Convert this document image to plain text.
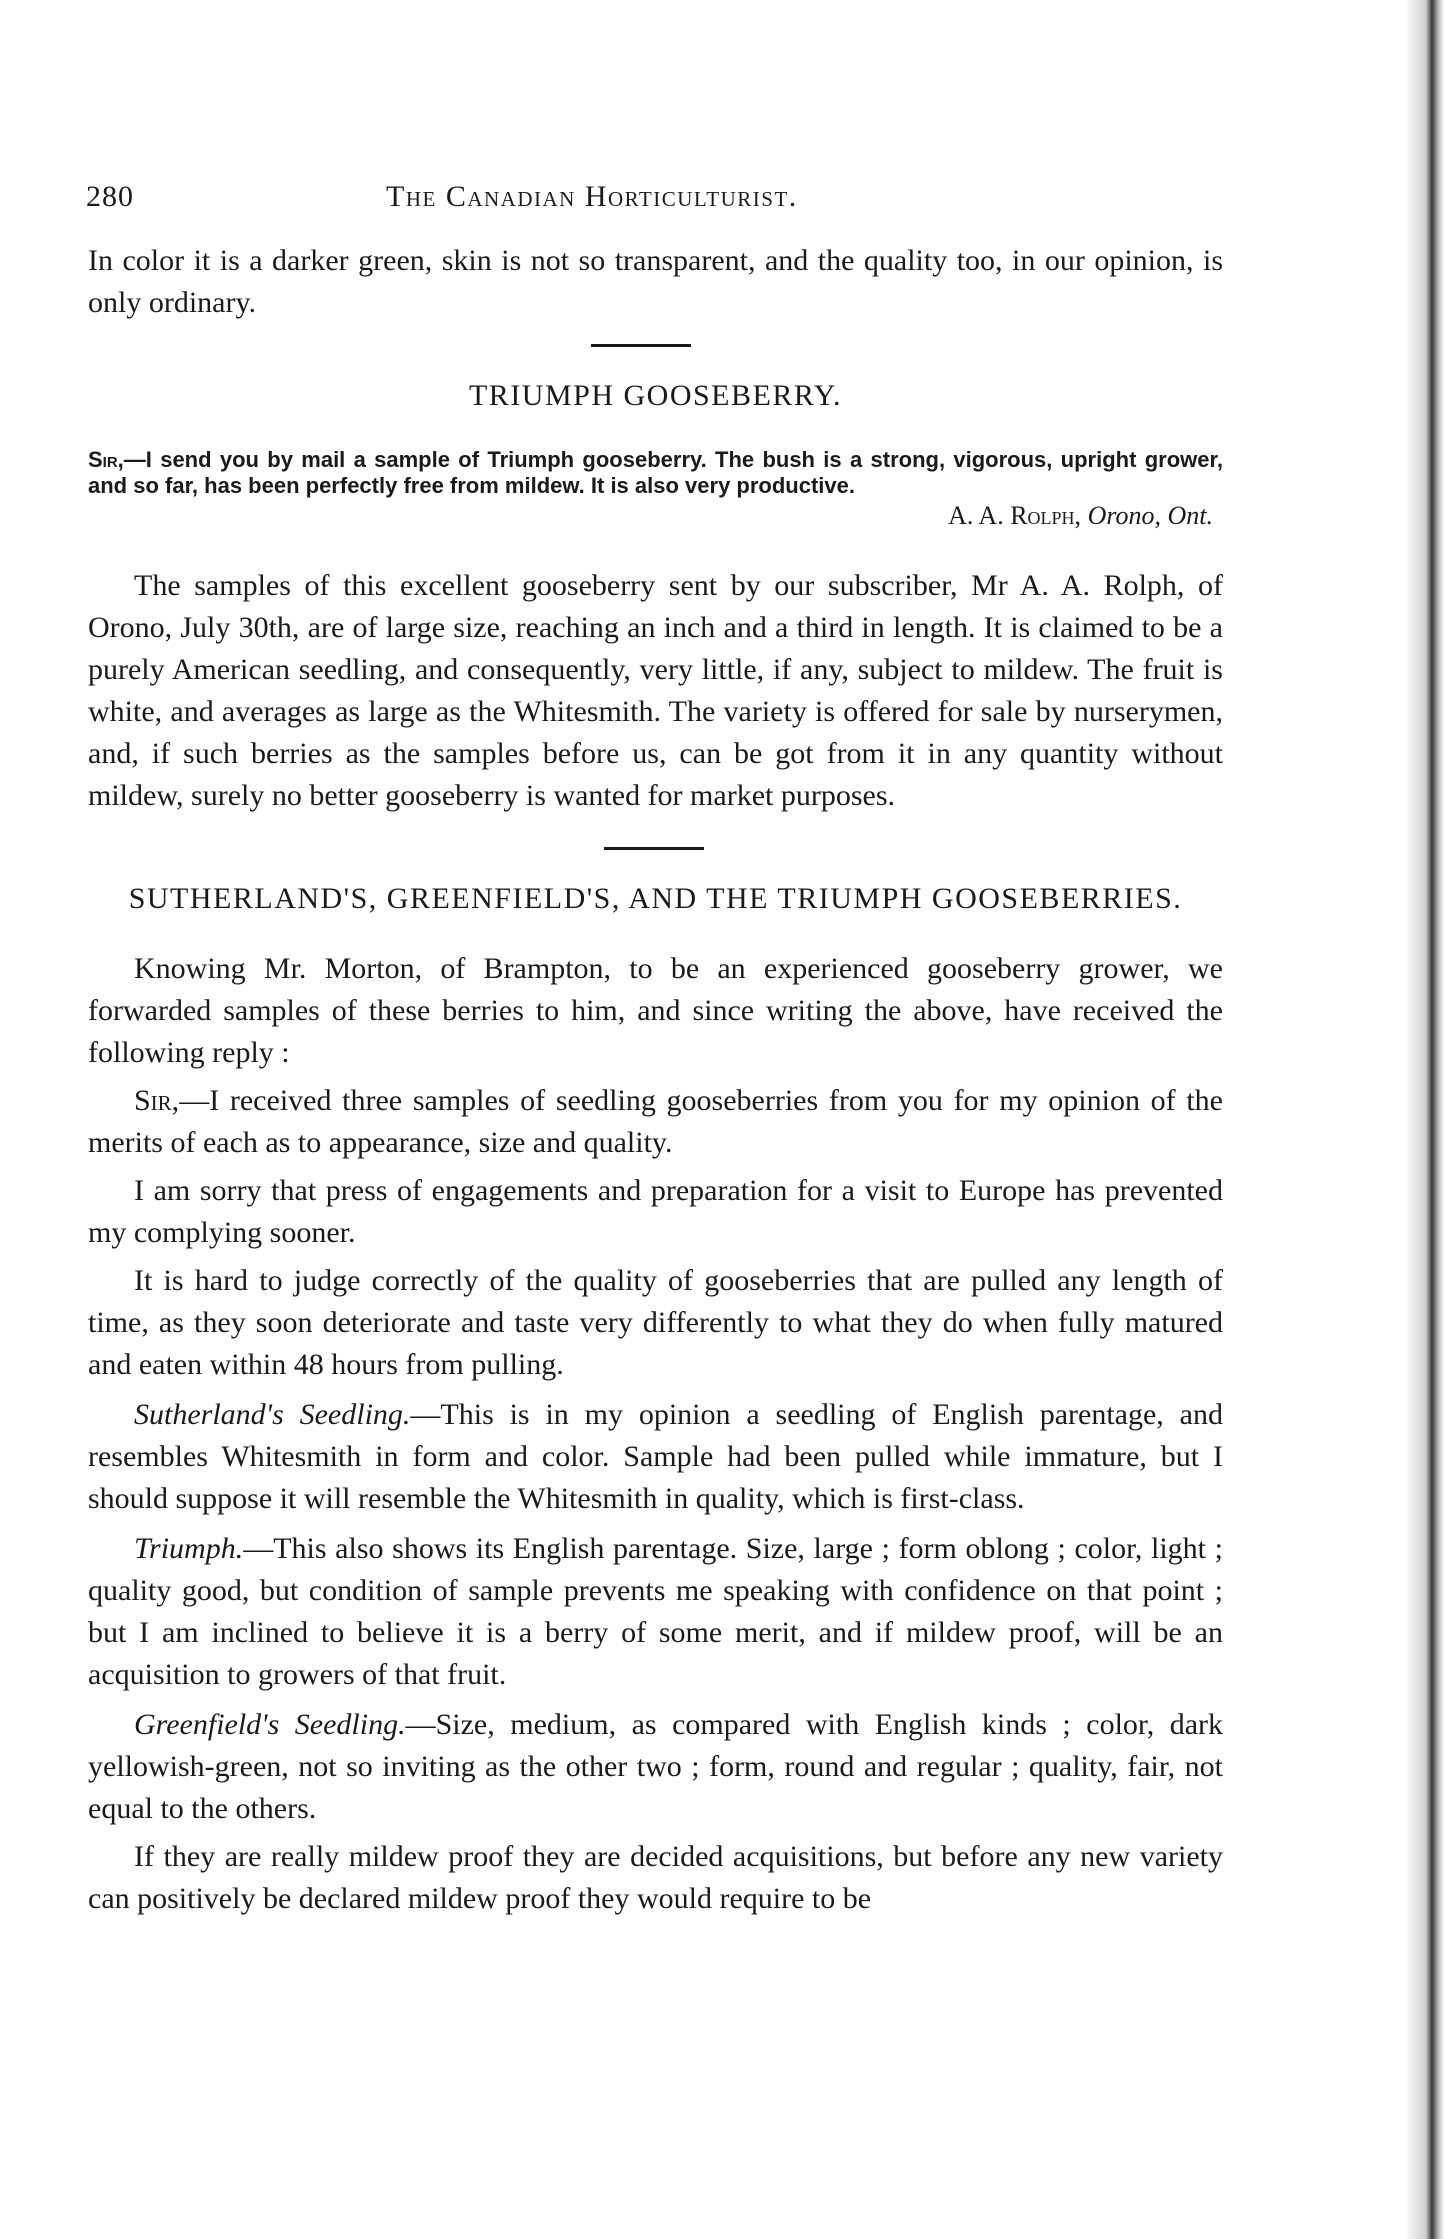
280	The Canadian Horticulturist.

In color it is a darker green, skin is not so transparent, and the quality too, in our opinion, is only ordinary.

TRIUMPH GOOSEBERRY.
Sir,—I send you by mail a sample of Triumph gooseberry. The bush is a strong, vigorous, upright grower, and so far, has been perfectly free from mildew. It is also very productive.
A. A. Rolph, Orono, Ont.

The samples of this excellent gooseberry sent by our subscriber, Mr A. A. Rolph, of Orono, July 30th, are of large size, reaching an inch and a third in length. It is claimed to be a purely American seedling, and consequently, very little, if any, subject to mildew. The fruit is white, and averages as large as the Whitesmith. The variety is offered for sale by nurserymen, and, if such berries as the samples before us, can be got from it in any quantity without mildew, surely no better gooseberry is wanted for market purposes.

SUTHERLAND'S, GREENFIELD'S, AND THE TRIUMPH GOOSEBERRIES.

Knowing Mr. Morton, of Brampton, to be an experienced gooseberry grower, we forwarded samples of these berries to him, and since writing the above, have received the following reply :

Sir,—I received three samples of seedling gooseberries from you for my opinion of the merits of each as to appearance, size and quality.

I am sorry that press of engagements and preparation for a visit to Europe has prevented my complying sooner.

It is hard to judge correctly of the quality of gooseberries that are pulled any length of time, as they soon deteriorate and taste very differently to what they do when fully matured and eaten within 48 hours from pulling.

Sutherland's Seedling.—This is in my opinion a seedling of English parentage, and resembles Whitesmith in form and color. Sample had been pulled while immature, but I should suppose it will resemble the Whitesmith in quality, which is first-class.

Triumph.—This also shows its English parentage. Size, large ; form oblong ; color, light ; quality good, but condition of sample prevents me speaking with confidence on that point ; but I am inclined to believe it is a berry of some merit, and if mildew proof, will be an acquisition to growers of that fruit.

Greenfield's Seedling.—Size, medium, as compared with English kinds ; color, dark yellowish-green, not so inviting as the other two ; form, round and regular ; quality, fair, not equal to the others.

If they are really mildew proof they are decided acquisitions, but before any new variety can positively be declared mildew proof they would require to be
